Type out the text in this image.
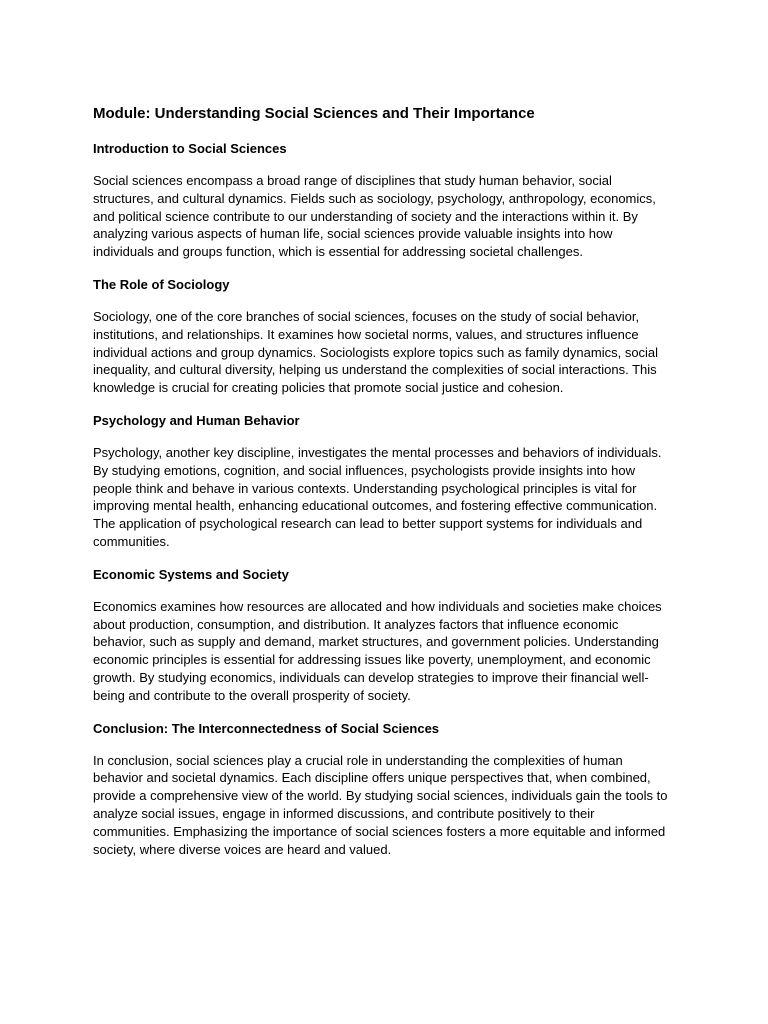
Module: Understanding Social Sciences and Their Importance
Introduction to Social Sciences

Social sciences encompass a broad range of disciplines that study human behavior, social structures, and cultural dynamics. Fields such as sociology, psychology, anthropology, economics, and political science contribute to our understanding of society and the interactions within it. By analyzing various aspects of human life, social sciences provide valuable insights into how individuals and groups function, which is essential for addressing societal challenges.

The Role of Sociology

Sociology, one of the core branches of social sciences, focuses on the study of social behavior, institutions, and relationships. It examines how societal norms, values, and structures influence individual actions and group dynamics. Sociologists explore topics such as family dynamics, social inequality, and cultural diversity, helping us understand the complexities of social interactions. This knowledge is crucial for creating policies that promote social justice and cohesion.

Psychology and Human Behavior

Psychology, another key discipline, investigates the mental processes and behaviors of individuals. By studying emotions, cognition, and social influences, psychologists provide insights into how people think and behave in various contexts. Understanding psychological principles is vital for improving mental health, enhancing educational outcomes, and fostering effective communication. The application of psychological research can lead to better support systems for individuals and communities.

Economic Systems and Society

Economics examines how resources are allocated and how individuals and societies make choices about production, consumption, and distribution. It analyzes factors that influence economic behavior, such as supply and demand, market structures, and government policies. Understanding economic principles is essential for addressing issues like poverty, unemployment, and economic growth. By studying economics, individuals can develop strategies to improve their financial well-being and contribute to the overall prosperity of society.

Conclusion: The Interconnectedness of Social Sciences

In conclusion, social sciences play a crucial role in understanding the complexities of human behavior and societal dynamics. Each discipline offers unique perspectives that, when combined, provide a comprehensive view of the world. By studying social sciences, individuals gain the tools to analyze social issues, engage in informed discussions, and contribute positively to their communities. Emphasizing the importance of social sciences fosters a more equitable and informed society, where diverse voices are heard and valued.
